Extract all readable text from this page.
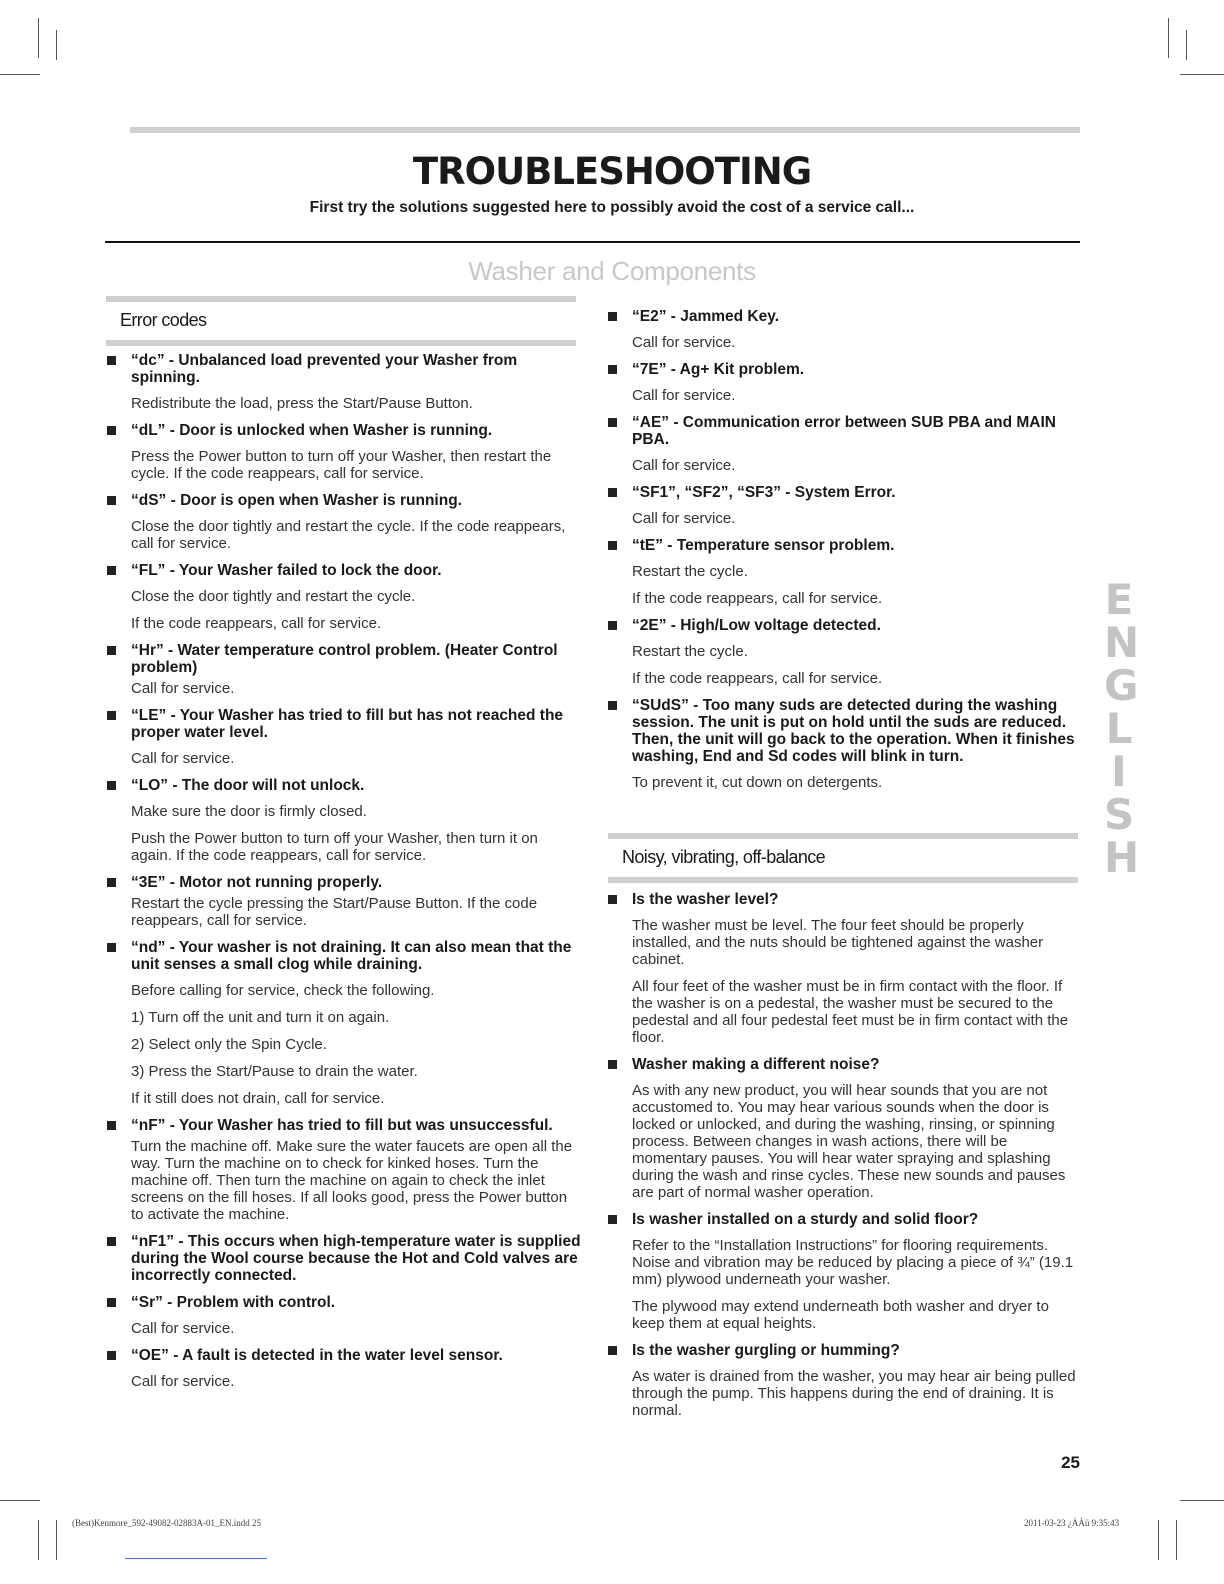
TROUBLESHOOTING
First try the solutions suggested here to possibly avoid the cost of a service call...
Washer and Components
Error codes
“dc” - Unbalanced load prevented your Washer from spinning.

Redistribute the load, press the Start/Pause Button.

“dL” - Door is unlocked when Washer is running.

Press the Power button to turn off your Washer, then restart the cycle. If the code reappears, call for service.

“dS” - Door is open when Washer is running.

Close the door tightly and restart the cycle. If the code reappears, call for service.

“FL” - Your Washer failed to lock the door.

Close the door tightly and restart the cycle.

If the code reappears, call for service.

“Hr” - Water temperature control problem. (Heater Control problem)

Call for service.

“LE” - Your Washer has tried to fill but has not reached the proper water level.

Call for service.

“LO” - The door will not unlock.

Make sure the door is firmly closed.

Push the Power button to turn off your Washer, then turn it on again. If the code reappears, call for service.

“3E” - Motor not running properly.

Restart the cycle pressing the Start/Pause Button. If the code reappears, call for service.

“nd” - Your washer is not draining. It can also mean that the unit senses a small clog while draining.

Before calling for service, check the following.

1) Turn off the unit and turn it on again.

2) Select only the Spin Cycle.

3) Press the Start/Pause to drain the water.

If it still does not drain, call for service.

“nF” - Your Washer has tried to fill but was unsuccessful.

Turn the machine off. Make sure the water faucets are open all the way. Turn the machine on to check for kinked hoses. Turn the machine off. Then turn the machine on again to check the inlet screens on the fill hoses. If all looks good, press the Power button to activate the machine.

“nF1” - This occurs when high-temperature water is supplied during the Wool course because the Hot and Cold valves are incorrectly connected.
“Sr” - Problem with control.

Call for service.

“OE” - A fault is detected in the water level sensor.

Call for service.

“E2” - Jammed Key.

Call for service.

“7E” - Ag+ Kit problem.

Call for service.

“AE” - Communication error between SUB PBA and MAIN PBA.

Call for service.

“SF1”, “SF2”, “SF3” - System Error.

Call for service.

“tE” - Temperature sensor problem.

Restart the cycle.

If the code reappears, call for service.

“2E” - High/Low voltage detected.

Restart the cycle.

If the code reappears, call for service.

“SUdS” - Too many suds are detected during the washing session. The unit is put on hold until the suds are reduced. Then, the unit will go back to the operation. When it finishes washing, End and Sd codes will blink in turn.

To prevent it, cut down on detergents.

Noisy, vibrating, off-balance
Is the washer level?

The washer must be level. The four feet should be properly installed, and the nuts should be tightened against the washer cabinet.

All four feet of the washer must be in firm contact with the floor. If the washer is on a pedestal, the washer must be secured to the pedestal and all four pedestal feet must be in firm contact with the floor.

Washer making a different noise?

As with any new product, you will hear sounds that you are not accustomed to. You may hear various sounds when the door is locked or unlocked, and during the washing, rinsing, or spinning process. Between changes in wash actions, there will be momentary pauses. You will hear water spraying and splashing during the wash and rinse cycles. These new sounds and pauses are part of normal washer operation.

Is washer installed on a sturdy and solid floor?

Refer to the “Installation Instructions” for flooring requirements. Noise and vibration may be reduced by placing a piece of ¾” (19.1 mm) plywood underneath your washer.

The plywood may extend underneath both washer and dryer to keep them at equal heights.

Is the washer gurgling or humming?

As water is drained from the washer, you may hear air being pulled through the pump. This happens during the end of draining. It is normal.

E
N
G
L
I
S
H
25
(Best)Kenmore_592-49082-02883A-01_EN.indd 25	2011-03-23 ¿ÀÀü 9:35:43
